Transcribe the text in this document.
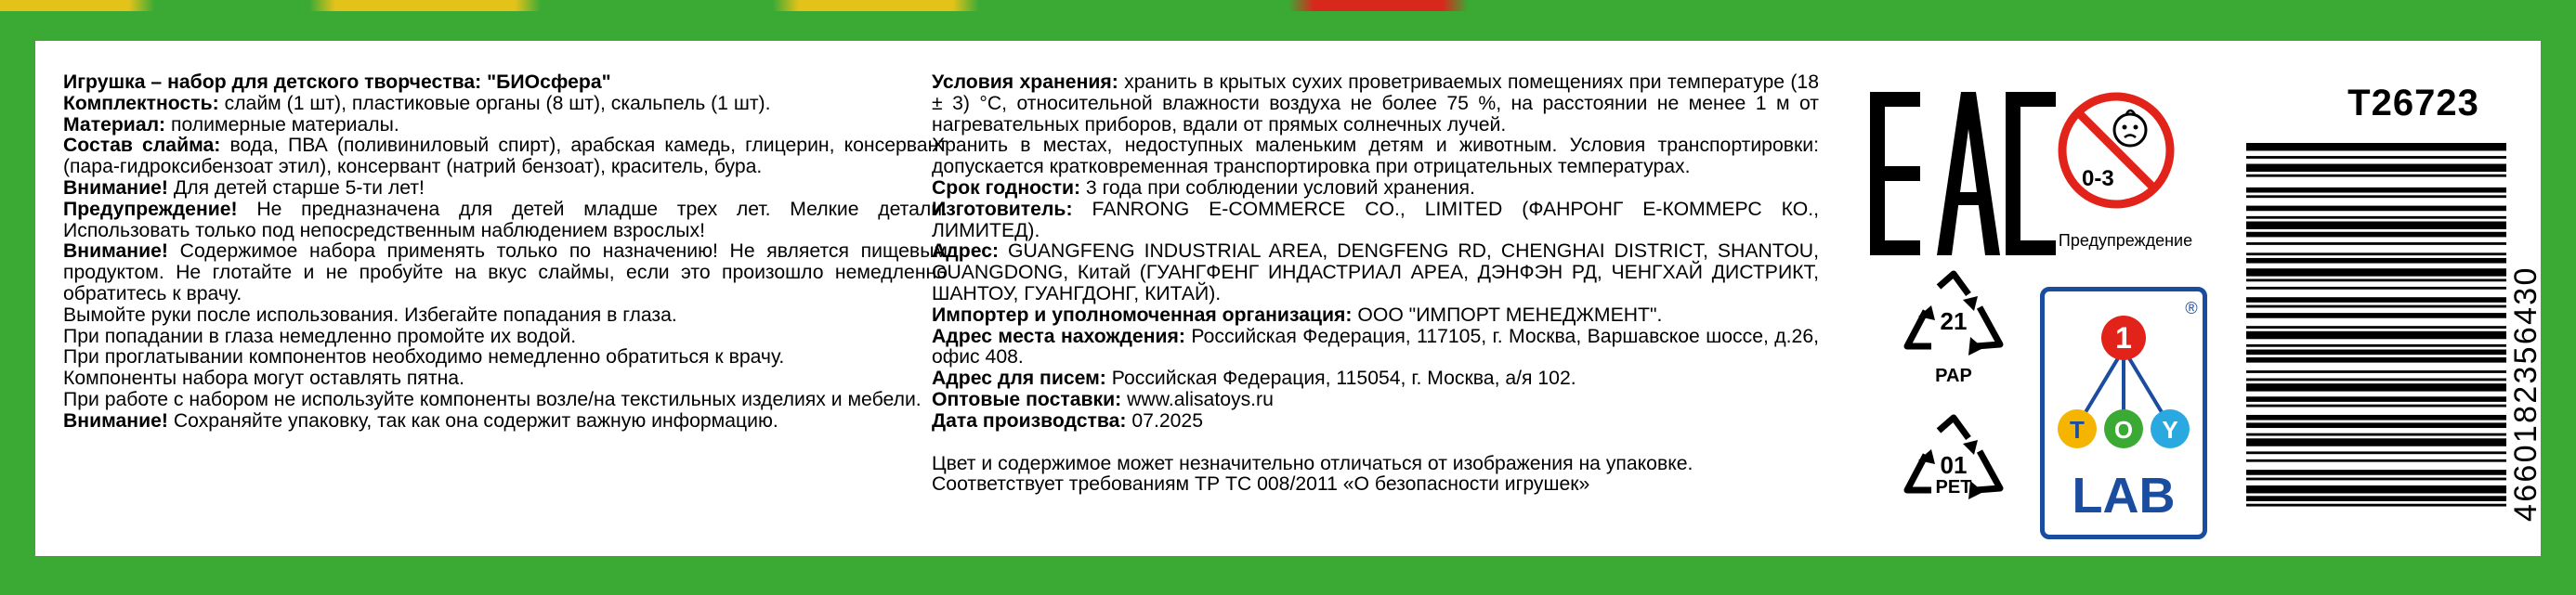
Игрушка – набор для детского творчества: "БИОсфера"

Комплектность: слайм (1 шт), пластиковые органы (8 шт), скальпель (1 шт).

Материал: полимерные материалы.

Состав слайма: вода, ПВА (поливиниловый спирт), арабская камедь, глицерин, консервант (пара-гидроксибензоат этил), консервант (натрий бензоат), краситель, бура.

Внимание! Для детей старше 5-ти лет!

Предупреждение! Не предназначена для детей младше трех лет. Мелкие детали. Использовать только под непосредственным наблюдением взрослых!

Внимание! Содержимое набора применять только по назначению! Не является пищевым продуктом. Не глотайте и не пробуйте на вкус слаймы, если это произошло немедленно обратитесь к врачу.

Вымойте руки после использования. Избегайте попадания в глаза.

При попадании в глаза немедленно промойте их водой.

При проглатывании компонентов необходимо немедленно обратиться к врачу.

Компоненты набора могут оставлять пятна.

При работе с набором не используйте компоненты возле/на текстильных изделиях и мебели.

Внимание! Сохраняйте упаковку, так как она содержит важную информацию.

Условия хранения: хранить в крытых сухих проветриваемых помещениях при температуре (18 ± 3) °С, относительной влажности воздуха не более 75 %, на расстоянии не менее 1 м от нагревательных приборов, вдали от прямых солнечных лучей.

Хранить в местах, недоступных маленьким детям и животным. Условия транспортировки: допускается кратковременная транспортировка при отрицательных температурах.

Срок годности: 3 года при соблюдении условий хранения.

Изготовитель: FANRONG E-COMMERCE CO., LIMITED (ФАНРОНГ Е-КОММЕРС КО., ЛИМИТЕД).

Адрес: GUANGFENG INDUSTRIAL AREA, DENGFENG RD, CHENGHAI DISTRICT, SHANTOU, GUANGDONG, Китай (ГУАНГФЕНГ ИНДАСТРИАЛ АРЕА, ДЭНФЭН РД, ЧЕНГХАЙ ДИСТРИКТ, ШАНТОУ, ГУАНГДОНГ, КИТАЙ).

Импортер и уполномоченная организация: ООО "ИМПОРТ МЕНЕДЖМЕНТ".

Адрес места нахождения: Российская Федерация, 117105, г. Москва, Варшавское шоссе, д.26, офис 408.

Адрес для писем: Российская Федерация, 115054, г. Москва, а/я 102.

Оптовые поставки: www.alisatoys.ru

Дата производства: 07.2025

Цвет и содержимое может незначительно отличаться от изображения на упаковке.

Соответствует требованиям ТР ТС 008/2011 «О безопасности игрушек»

0-3
Предупреждение
21
PAP
01
PET
1
T O Y
LAB
®
T26723
4660182356430
